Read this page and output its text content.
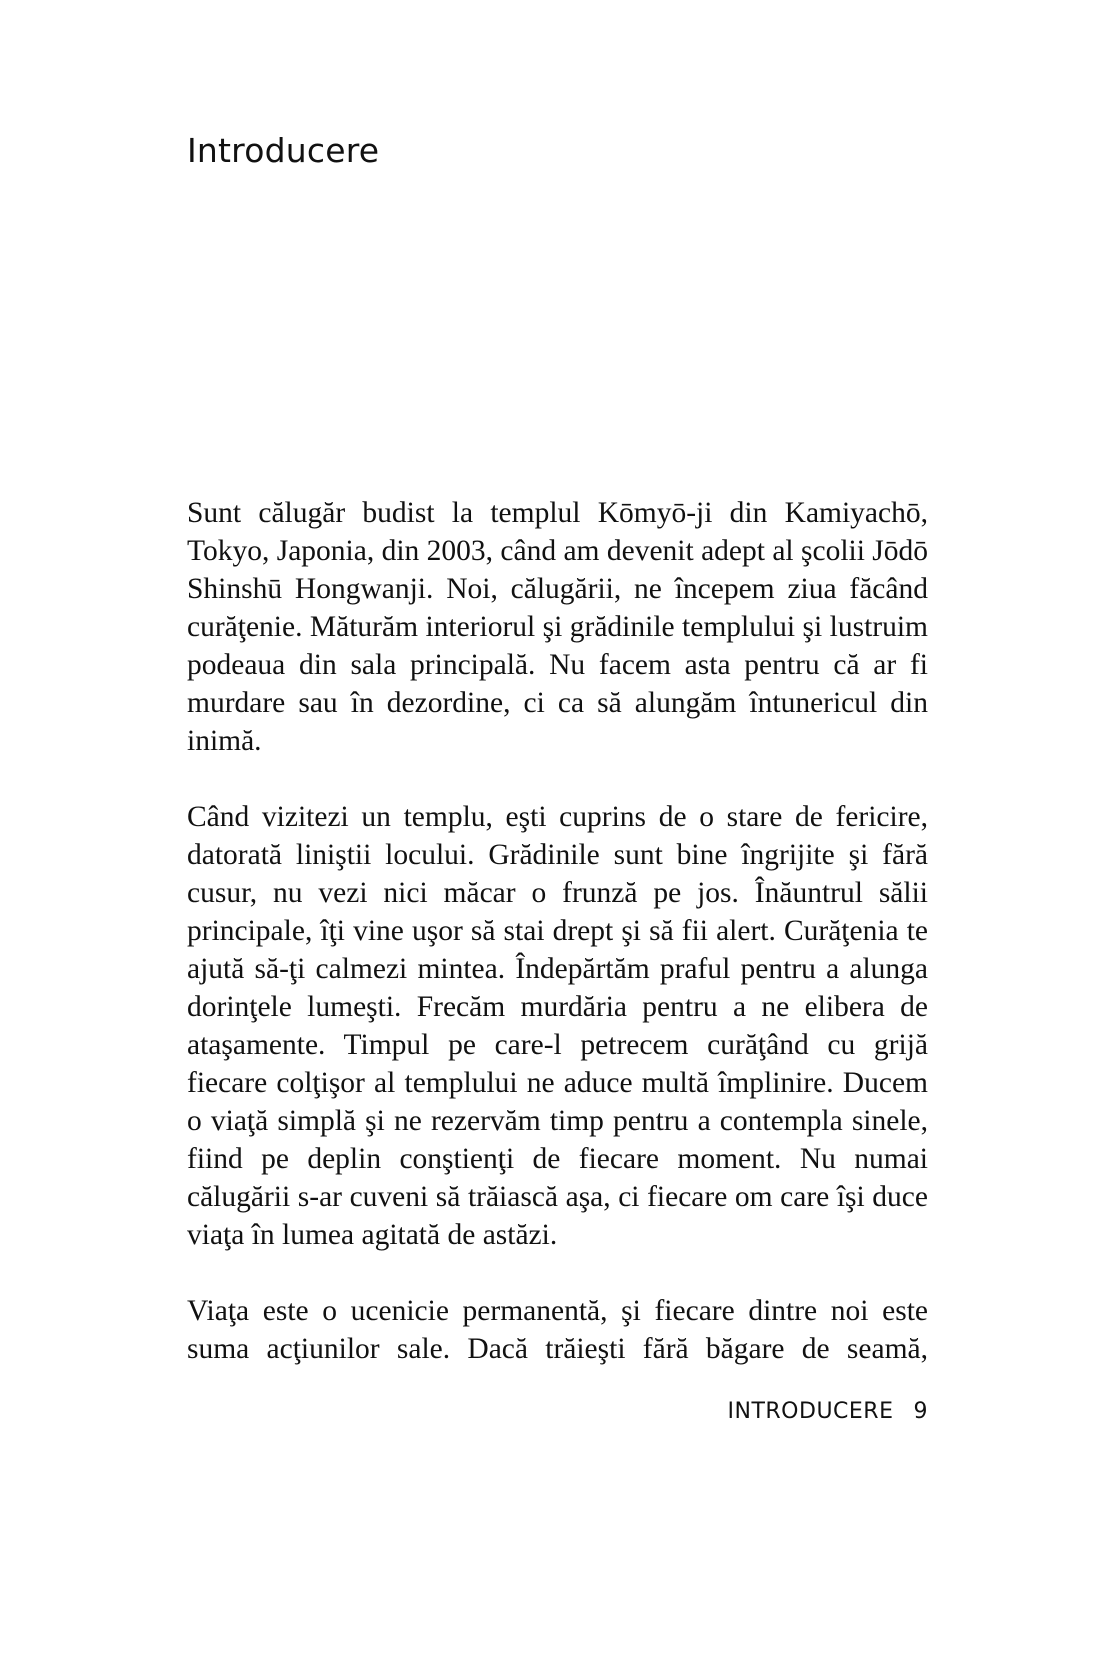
Introducere

Sunt călugăr budist la templul Kōmyō-ji din Kamiyachō, Tokyo, Japonia, din 2003, când am devenit adept al şcolii Jōdō Shinshū Hongwanji. Noi, călugării, ne începem ziua făcând curăţenie. Măturăm interiorul şi grădinile templului şi lustruim podeaua din sala principală. Nu facem asta pentru că ar fi murdare sau în dezordine, ci ca să alungăm întunericul din inimă.

Când vizitezi un templu, eşti cuprins de o stare de fericire, datorată liniştii locului. Grădinile sunt bine îngrijite şi fără cusur, nu vezi nici măcar o frunză pe jos. Înăuntrul sălii principale, îţi vine uşor să stai drept şi să fii alert. Curăţenia te ajută să-ţi calmezi mintea. Îndepărtăm praful pentru a alunga dorinţele lumeşti. Frecăm murdăria pentru a ne elibera de ataşamente. Timpul pe care-l petrecem curăţând cu grijă fiecare colţişor al templului ne aduce multă împlinire. Ducem o viaţă simplă şi ne rezervăm timp pentru a contempla sinele, fiind pe deplin conştienţi de fiecare moment. Nu numai călugării s-ar cuveni să trăiască aşa, ci fiecare om care îşi duce viaţa în lumea agitată de astăzi.

Viaţa este o ucenicie permanentă, şi fiecare dintre noi este suma acţiunilor sale. Dacă trăieşti fără băgare de seamă,

INTRODUCERE 9
